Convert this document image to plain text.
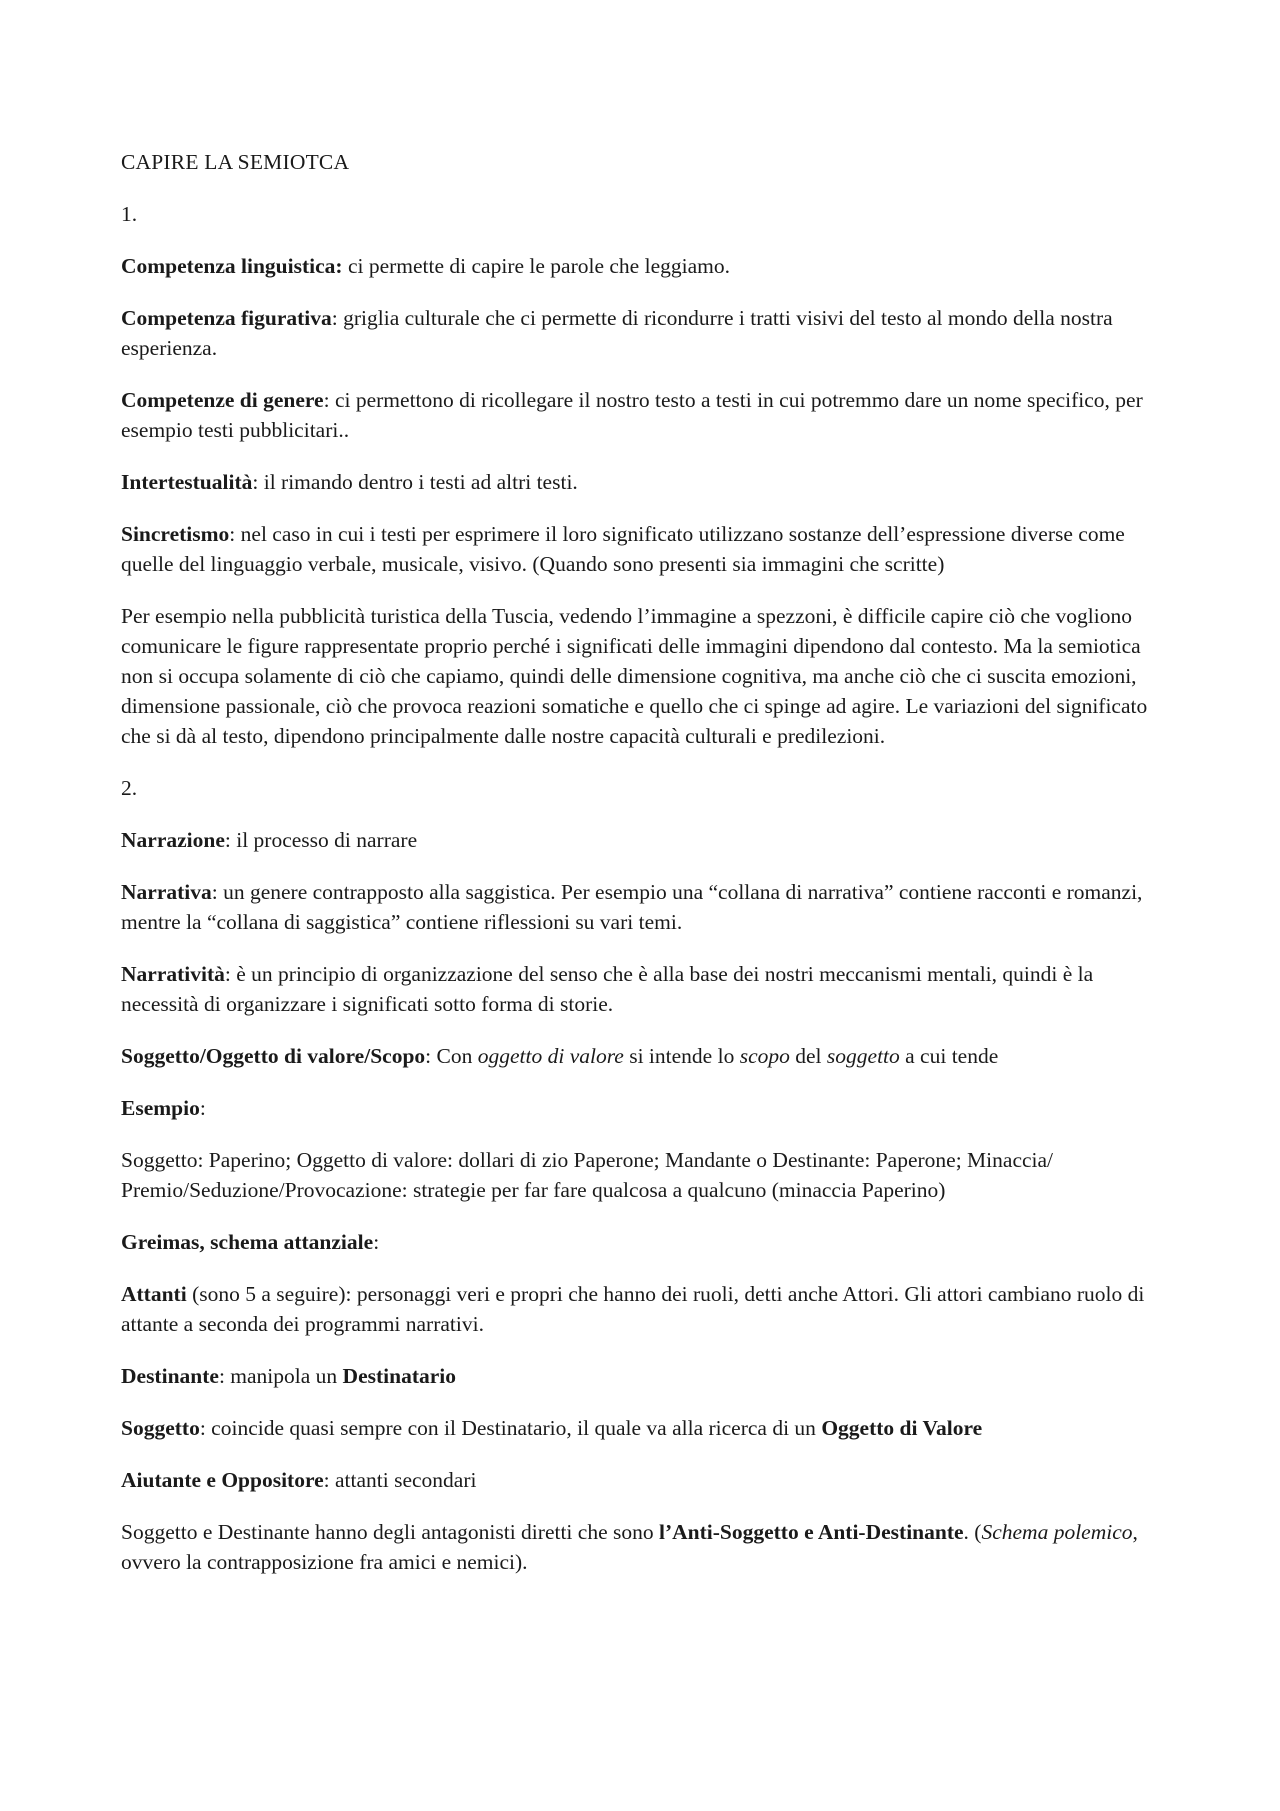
CAPIRE LA SEMIOTCA

1.

Competenza linguistica: ci permette di capire le parole che leggiamo.

Competenza figurativa: griglia culturale che ci permette di ricondurre i tratti visivi del testo al mondo della nostra esperienza.

Competenze di genere: ci permettono di ricollegare il nostro testo a testi in cui potremmo dare un nome specifico, per esempio testi pubblicitari..

Intertestualità: il rimando dentro i testi ad altri testi.

Sincretismo: nel caso in cui i testi per esprimere il loro significato utilizzano sostanze dell’espressione diverse come quelle del linguaggio verbale, musicale, visivo. (Quando sono presenti sia immagini che scritte)

Per esempio nella pubblicità turistica della Tuscia, vedendo l’immagine a spezzoni, è difficile capire ciò che vogliono comunicare le figure rappresentate proprio perché i significati delle immagini dipendono dal contesto. Ma la semiotica non si occupa solamente di ciò che capiamo, quindi delle dimensione cognitiva, ma anche ciò che ci suscita emozioni, dimensione passionale, ciò che provoca reazioni somatiche e quello che ci spinge ad agire. Le variazioni del significato che si dà al testo, dipendono principalmente dalle nostre capacità culturali e predilezioni.

2.

Narrazione: il processo di narrare

Narrativa: un genere contrapposto alla saggistica. Per esempio una “collana di narrativa” contiene racconti e romanzi, mentre la “collana di saggistica” contiene riflessioni su vari temi.

Narratività: è un principio di organizzazione del senso che è alla base dei nostri meccanismi mentali, quindi è la necessità di organizzare i significati sotto forma di storie.

Soggetto/Oggetto di valore/Scopo: Con oggetto di valore si intende lo scopo del soggetto a cui tende

Esempio:

Soggetto: Paperino; Oggetto di valore: dollari di zio Paperone; Mandante o Destinante: Paperone; Minaccia/ Premio/Seduzione/Provocazione: strategie per far fare qualcosa a qualcuno (minaccia Paperino)

Greimas, schema attanziale:

Attanti (sono 5 a seguire): personaggi veri e propri che hanno dei ruoli, detti anche Attori. Gli attori cambiano ruolo di attante a seconda dei programmi narrativi.

Destinante: manipola un Destinatario

Soggetto: coincide quasi sempre con il Destinatario, il quale va alla ricerca di un Oggetto di Valore

Aiutante e Oppositore: attanti secondari

Soggetto e Destinante hanno degli antagonisti diretti che sono l’Anti-Soggetto e Anti-Destinante. (Schema polemico, ovvero la contrapposizione fra amici e nemici).
